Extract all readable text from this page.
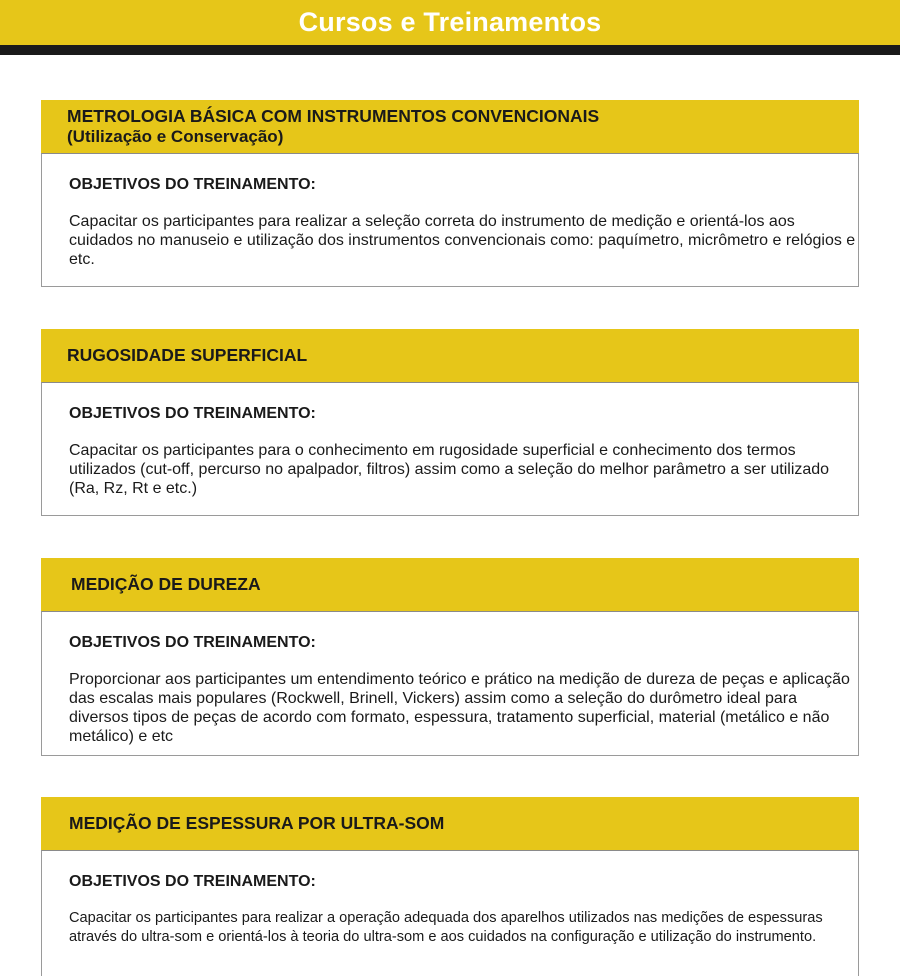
Cursos e Treinamentos
METROLOGIA BÁSICA COM INSTRUMENTOS CONVENCIONAIS
(Utilização e Conservação)
OBJETIVOS DO TREINAMENTO:

Capacitar os participantes para realizar a seleção correta do instrumento de medição e orientá-los aos cuidados no manuseio e utilização dos instrumentos convencionais como: paquímetro, micrômetro e relógios e etc.

RUGOSIDADE SUPERFICIAL
OBJETIVOS DO TREINAMENTO:

Capacitar os participantes para o conhecimento em rugosidade superficial e conhecimento dos termos utilizados (cut-off, percurso no apalpador, filtros) assim como a seleção do melhor parâmetro a ser utilizado (Ra, Rz, Rt e etc.)

MEDIÇÃO DE DUREZA
OBJETIVOS DO TREINAMENTO:

Proporcionar aos participantes um entendimento teórico e prático na medição de dureza de peças e aplicação das escalas mais populares (Rockwell, Brinell, Vickers) assim como a seleção do durômetro ideal para diversos tipos de peças de acordo com formato, espessura, tratamento superficial, material (metálico e não metálico) e etc

MEDIÇÃO DE ESPESSURA POR ULTRA-SOM
OBJETIVOS DO TREINAMENTO:

Capacitar os participantes para realizar a operação adequada dos aparelhos utilizados nas medições de espessuras através do ultra-som e orientá-los à teoria do ultra-som e aos cuidados na configuração e utilização do instrumento.
